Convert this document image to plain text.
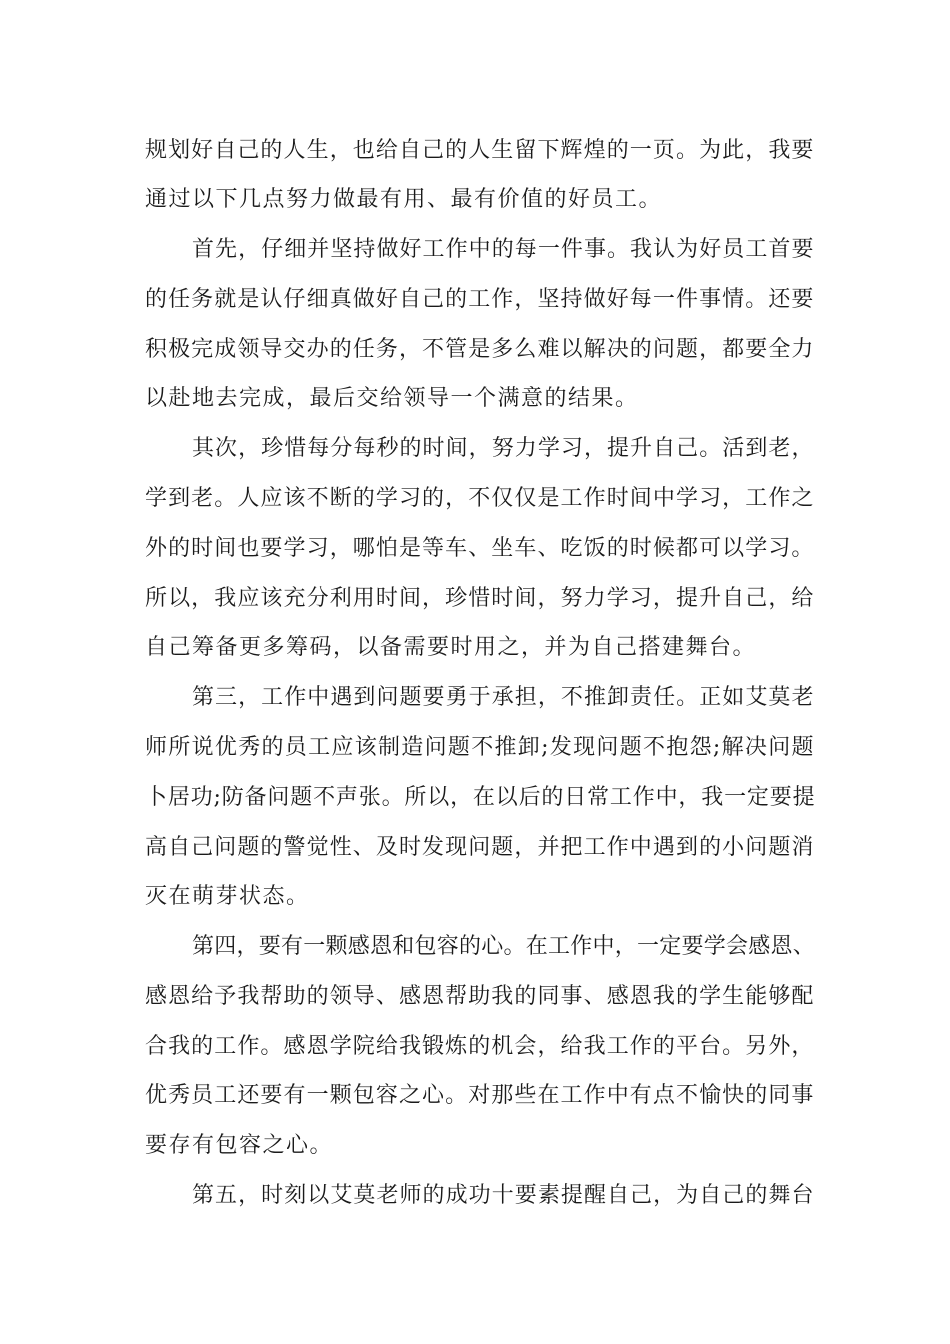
规划好自己的人生，也给自己的人生留下辉煌的一页。为此，我要
通过以下几点努力做最有用、最有价值的好员工。
首先，仔细并坚持做好工作中的每一件事。我认为好员工首要
的任务就是认仔细真做好自己的工作，坚持做好每一件事情。还要
积极完成领导交办的任务，不管是多么难以解决的问题，都要全力
以赴地去完成，最后交给领导一个满意的结果。
其次，珍惜每分每秒的时间，努力学习，提升自己。活到老，
学到老。人应该不断的学习的，不仅仅是工作时间中学习，工作之
外的时间也要学习，哪怕是等车、坐车、吃饭的时候都可以学习。
所以，我应该充分利用时间，珍惜时间，努力学习，提升自己，给
自己筹备更多筹码，以备需要时用之，并为自己搭建舞台。
第三，工作中遇到问题要勇于承担，不推卸责任。正如艾莫老
师所说优秀的员工应该制造问题不推卸;发现问题不抱怨;解决问题
卜居功;防备问题不声张。所以，在以后的日常工作中，我一定要提
高自己问题的警觉性、及时发现问题，并把工作中遇到的小问题消
灭在萌芽状态。
第四，要有一颗感恩和包容的心。在工作中，一定要学会感恩、
感恩给予我帮助的领导、感恩帮助我的同事、感恩我的学生能够配
合我的工作。感恩学院给我锻炼的机会，给我工作的平台。另外，
优秀员工还要有一颗包容之心。对那些在工作中有点不愉快的同事
要存有包容之心。
第五，时刻以艾莫老师的成功十要素提醒自己，为自己的舞台
